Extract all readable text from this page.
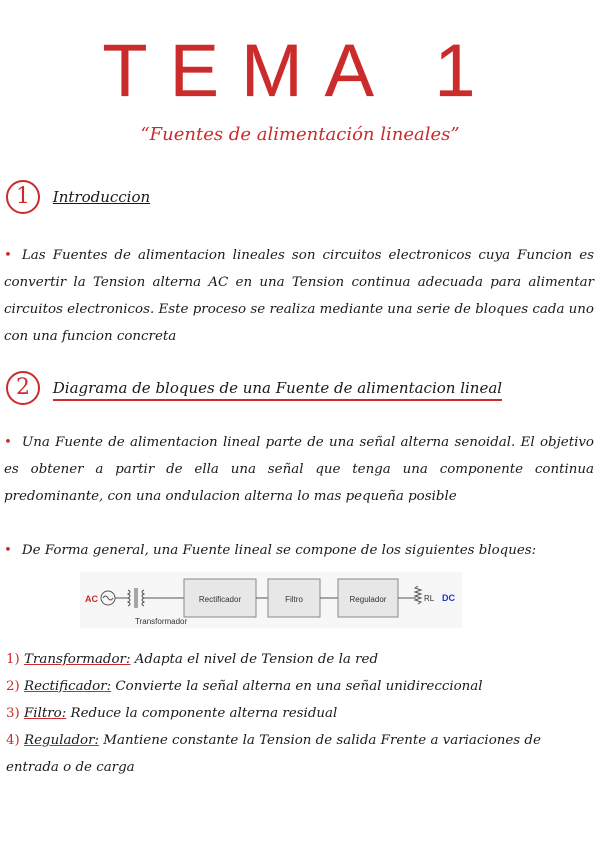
TEMA 1
“Fuentes de alimentación lineales”
1 Introduccion

• Las Fuentes de alimentacion lineales son circuitos electronicos cuya Funcion es convertir la Tension alterna AC en una Tension continua adecuada para alimentar circuitos electronicos. Este proceso se realiza mediante una serie de bloques cada uno con una funcion concreta

2 Diagrama de bloques de una Fuente de alimentacion lineal

• Una Fuente de alimentacion lineal parte de una señal alterna senoidal. El objetivo es obtener a partir de ella una señal que tenga una componente continua predominante, con una ondulacion alterna lo mas pequeña posible

• De Forma general, una Fuente lineal se compone de los siguientes bloques:

AC
Transformador
Rectificador	Filtro	Regulador	RL DC
1) Transformador: Adapta el nivel de Tension de la red
2) Rectificador: Convierte la señal alterna en una señal unidireccional
3) Filtro: Reduce la componente alterna residual
4) Regulador: Mantiene constante la Tension de salida Frente a variaciones de entrada o de carga
